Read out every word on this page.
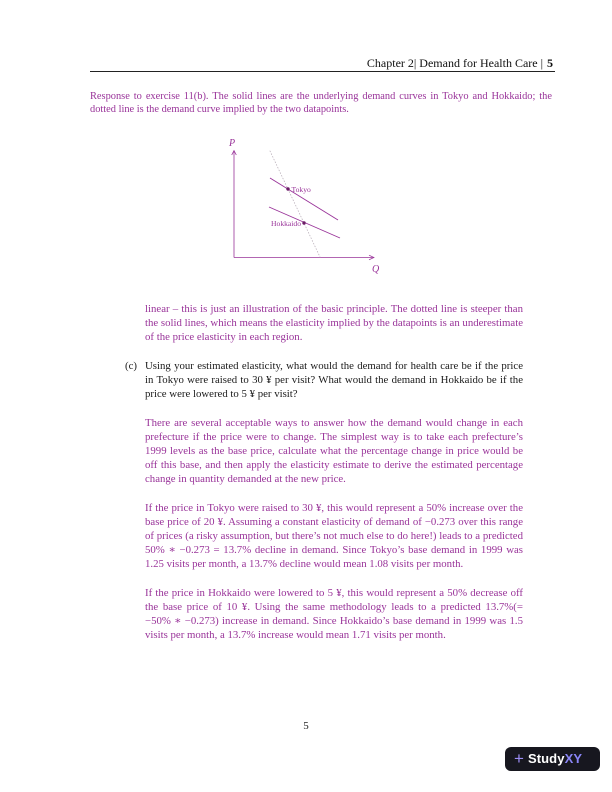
Chapter 2| Demand for Health Care | 5

Response to exercise 11(b). The solid lines are the underlying demand curves in Tokyo and Hokkaido; the dotted line is the demand curve implied by the two datapoints.

P
Q
Tokyo
Hokkaido

linear – this is just an illustration of the basic principle. The dotted line is steeper than the solid lines, which means the elasticity implied by the datapoints is an underestimate of the price elasticity in each region.

(c) Using your estimated elasticity, what would the demand for health care be if the price in Tokyo were raised to 30 ¥ per visit? What would the demand in Hokkaido be if the price were lowered to 5 ¥ per visit?

There are several acceptable ways to answer how the demand would change in each prefecture if the price were to change. The simplest way is to take each prefecture’s 1999 levels as the base price, calculate what the percentage change in price would be off this base, and then apply the elasticity estimate to derive the estimated percentage change in quantity demanded at the new price.

If the price in Tokyo were raised to 30 ¥, this would represent a 50% increase over the base price of 20 ¥. Assuming a constant elasticity of demand of −0.273 over this range of prices (a risky assumption, but there’s not much else to do here!) leads to a predicted 50% ∗ −0.273 = 13.7% decline in demand. Since Tokyo’s base demand in 1999 was 1.25 visits per month, a 13.7% decline would mean 1.08 visits per month.

If the price in Hokkaido were lowered to 5 ¥, this would represent a 50% decrease off the base price of 10 ¥. Using the same methodology leads to a predicted 13.7%(= −50% ∗ −0.273) increase in demand. Since Hokkaido’s base demand in 1999 was 1.5 visits per month, a 13.7% increase would mean 1.71 visits per month.

5
+ StudyXY
